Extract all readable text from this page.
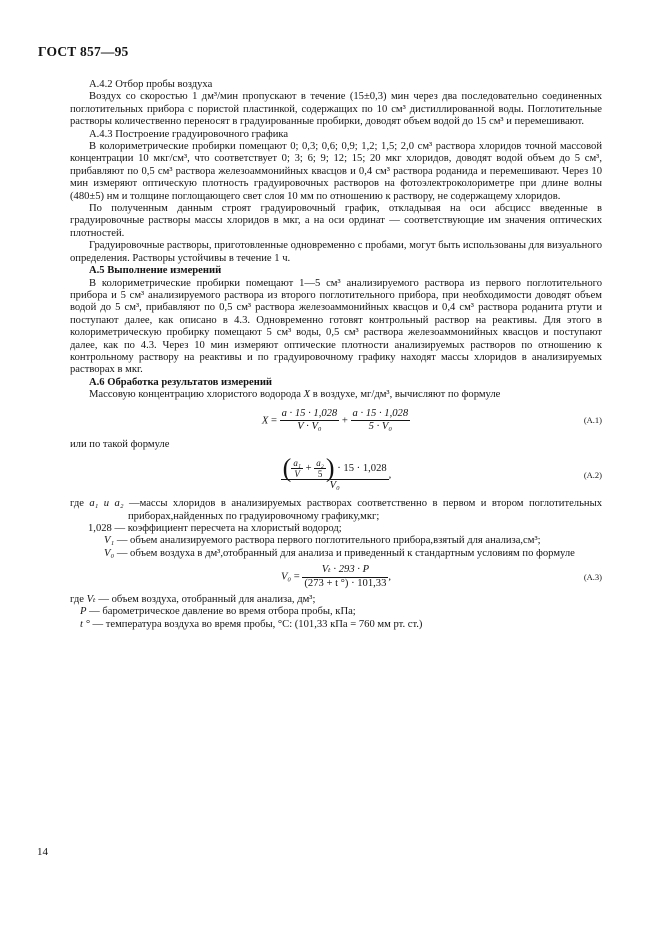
ГОСТ 857—95

А.4.2 Отбор пробы воздуха

Воздух со скоростью 1 дм³/мин пропускают в течение (15±0,3) мин через два последовательно соединенных поглотительных прибора с пористой пластинкой, содержащих по 10 см³ дистиллированной воды. Поглотительные растворы количественно переносят в градуированные пробирки, доводят объем водой до 15 см³ и перемешивают.

А.4.3 Построение градуировочного графика

В колориметрические пробирки помещают 0; 0,3; 0,6; 0,9; 1,2; 1,5; 2,0 см³ раствора хлоридов точной массовой концентрации 10 мкг/см³, что соответствует 0; 3; 6; 9; 12; 15; 20 мкг хлоридов, доводят водой объем до 5 см³, прибавляют по 0,5 см³ раствора железоаммонийных квасцов и 0,4 см³ раствора роданида и перемешивают. Через 10 мин измеряют оптическую плотность градуировочных растворов на фотоэлектроколориметре при длине волны (480±5) нм и толщине поглощающего свет слоя 10 мм по отношению к раствору, не содержащему хлоридов.

По полученным данным строят градуировочный график, откладывая на оси абсцисс введенные в градуировочные растворы массы хлоридов в мкг, а на оси ординат — соответствующие им значения оптических плотностей.

Градуировочные растворы, приготовленные одновременно с пробами, могут быть использованы для визуального определения. Растворы устойчивы в течение 1 ч.

А.5 Выполнение измерений

В колориметрические пробирки помещают 1—5 см³ анализируемого раствора из первого поглотительного прибора и 5 см³ анализируемого раствора из второго поглотительного прибора, при необходимости доводят объем водой до 5 см³, прибавляют по 0,5 см³ раствора железоаммонийных квасцов и 0,4 см³ раствора роданита ртути и поступают далее, как описано в 4.3. Одновременно готовят контрольный раствор на реактивы. Для этого в колориметрическую пробирку помещают 5 см³ воды, 0,5 см³ раствора железоаммонийных квасцов и поступают далее, как по 4.3. Через 10 мин измеряют оптические плотности анализируемых растворов по отношению к контрольному раствору на реактивы и по градуировочному графику находят массы хлоридов в анализируемых растворах в мкг.

А.6 Обработка результатов измерений

Массовую концентрацию хлористого водорода X в воздухе, мг/дм³, вычисляют по формуле

$X = \frac{a \cdot 15 \cdot 1,028}{\text{V · V₀}} + \frac{a \cdot 15 \cdot 1,028}{\text{5 · V₀}}$	(А.1)

или по такой формуле

$\frac{( \frac{\text{a₁}}{V} + \frac{\text{a₂}}{5} ) \cdot 15 \cdot 1,028}{\text{V₀}}$ ,	(А.2)

где a₁ и a₂ —массы хлоридов в анализируемых растворах соответственно в первом и втором поглотительных приборах,найденных по градуировочному графику,мкг;

1,028 — коэффициент пересчета на хлористый водород;

V₁ — объем анализируемого раствора первого поглотительного прибора,взятый для анализа,см³;

V₀ — объем воздуха в дм³,отобранный для анализа и приведенный к стандартным условиям по формуле

$V_0 = \frac{\text{Vₜ · 293 · P}}{(273 + t ^\circ) \cdot 101,33}$ ,	(А.3)

где Vₜ — объем воздуха, отобранный для анализа, дм³;

P — барометрическое давление во время отбора пробы, кПа;

t ° — температура воздуха во время пробы, °С: (101,33 кПа = 760 мм рт. ст.)

14
